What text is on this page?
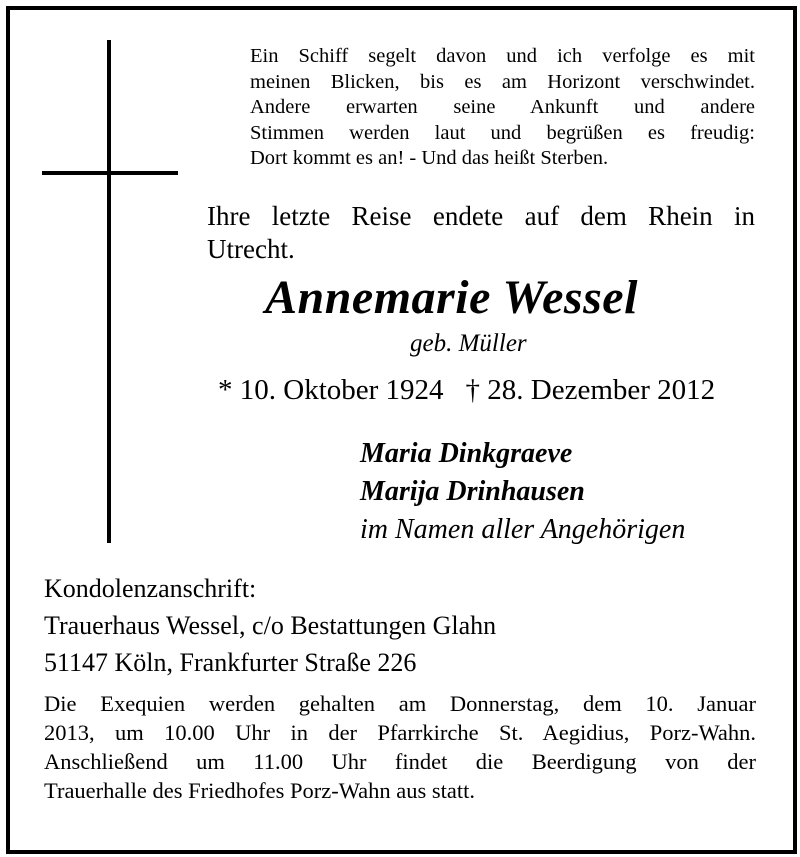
Ein Schiff segelt davon und ich verfolge es mit
meinen Blicken, bis es am Horizont verschwindet.
Andere erwarten seine Ankunft und andere
Stimmen werden laut und begrüßen es freudig:
Dort kommt es an! - Und das heißt Sterben.
Ihre letzte Reise endete auf dem Rhein in
Utrecht.
Annemarie Wessel
geb. Müller
* 10. Oktober 1924 † 28. Dezember 2012
Maria Dinkgraeve
Marija Drinhausen
im Namen aller Angehörigen
Kondolenzanschrift:
Trauerhaus Wessel, c/o Bestattungen Glahn
51147 Köln, Frankfurter Straße 226
Die Exequien werden gehalten am Donnerstag, dem 10. Januar
2013, um 10.00 Uhr in der Pfarrkirche St. Aegidius, Porz-Wahn.
Anschließend um 11.00 Uhr findet die Beerdigung von der
Trauerhalle des Friedhofes Porz-Wahn aus statt.
